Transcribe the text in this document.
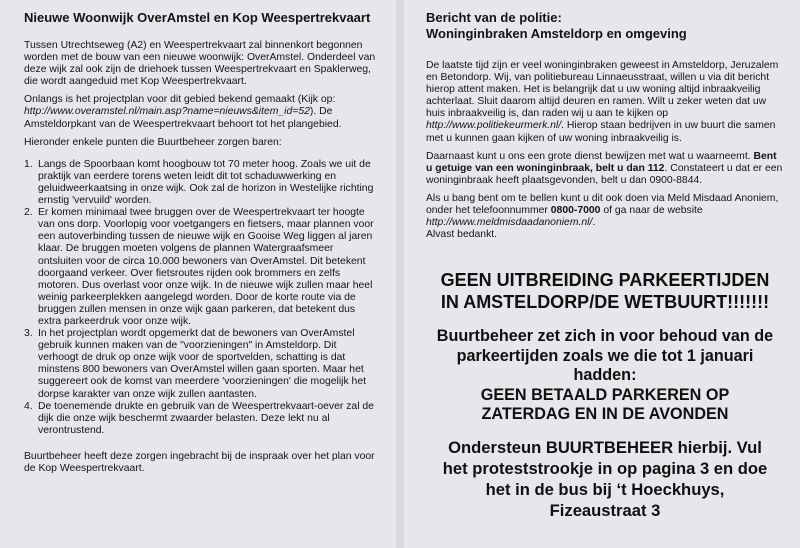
Nieuwe Woonwijk OverAmstel en Kop Weespertrekvaart

Tussen Utrechtseweg (A2) en Weespertrekvaart zal binnenkort begonnen worden met de bouw van een nieuwe woonwijk: OverAmstel. Onderdeel van deze wijk zal ook zijn de driehoek tussen Weespertrekvaart en Spaklerweg, die wordt aangeduid met Kop Weespertrekvaart.

Onlangs is het projectplan voor dit gebied bekend gemaakt (Kijk op: http://www.overamstel.nl/main.asp?name=nieuws&item_id=52). De Amsteldorpkant van de Weespertrekvaart behoort tot het plangebied.

Hieronder enkele punten die Buurtbeheer zorgen baren:

1. Langs de Spoorbaan komt hoogbouw tot 70 meter hoog. Zoals we uit de praktijk van eerdere torens weten leidt dit tot schaduwwerking en geluidweerkaatsing in onze wijk. Ook zal de horizon in Westelijke richting ernstig 'vervuild' worden.
2. Er komen minimaal twee bruggen over de Weespertrekvaart ter hoogte van ons dorp. Voorlopig voor voetgangers en fietsers, maar plannen voor een autoverbinding tussen de nieuwe wijk en Gooise Weg liggen al jaren klaar. De bruggen moeten volgens de plannen Watergraafsmeer ontsluiten voor de circa 10.000 bewoners van OverAmstel. Dit betekent doorgaand verkeer. Over fietsroutes rijden ook brommers en zelfs motoren. Dus overlast voor onze wijk. In de nieuwe wijk zullen maar heel weinig parkeerplekken aangelegd worden. Door de korte route via de bruggen zullen mensen in onze wijk gaan parkeren, dat betekent dus extra parkeerdruk voor onze wijk.
3. In het projectplan wordt opgemerkt dat de bewoners van OverAmstel gebruik kunnen maken van de "voorzieningen" in Amsteldorp. Dit verhoogt de druk op onze wijk voor de sportvelden, schatting is dat minstens 800 bewoners van OverAmstel willen gaan sporten. Maar het suggereert ook de komst van meerdere 'voorzieningen' die mogelijk het dorpse karakter van onze wijk zullen aantasten.
4. De toenemende drukte en gebruik van de Weespertrekvaart-oever zal de dijk die onze wijk beschermt zwaarder belasten. Deze lekt nu al verontrustend.

Buurtbeheer heeft deze zorgen ingebracht bij de inspraak over het plan voor de Kop Weespertrekvaart.

Bericht van de politie:
Woninginbraken Amsteldorp en omgeving

De laatste tijd zijn er veel woninginbraken geweest in Amsteldorp, Jeruzalem en Betondorp. Wij, van politiebureau Linnaeusstraat, willen u via dit bericht hierop attent maken. Het is belangrijk dat u uw woning altijd inbraakveilig achterlaat. Sluit daarom altijd deuren en ramen. Wilt u zeker weten dat uw huis inbraakveilig is, dan raden wij u aan te kijken op http://www.politiekeurmerk.nl/. Hierop staan bedrijven in uw buurt die samen met u kunnen gaan kijken of uw woning inbraakveilig is.

Daarnaast kunt u ons een grote dienst bewijzen met wat u waarneemt. Bent u getuige van een woninginbraak, belt u dan 112. Constateert u dat er een woninginbraak heeft plaatsgevonden, belt u dan 0900-8844.

Als u bang bent om te bellen kunt u dit ook doen via Meld Misdaad Anoniem, onder het telefoonnummer 0800-7000 of ga naar de website http://www.meldmisdaadanoniem.nl/.
Alvast bedankt.

GEEN UITBREIDING PARKEERTIJDEN
IN AMSTELDORP/DE WETBUURT!!!!!!!
Buurtbeheer zet zich in voor behoud van de
parkeertijden zoals we die tot 1 januari hadden:
GEEN BETAALD PARKEREN OP
ZATERDAG EN IN DE AVONDEN
Ondersteun BUURTBEHEER hierbij. Vul
het proteststrookje in op pagina 3 en doe
het in de bus bij ‘t Hoeckhuys,
Fizeaustraat 3
